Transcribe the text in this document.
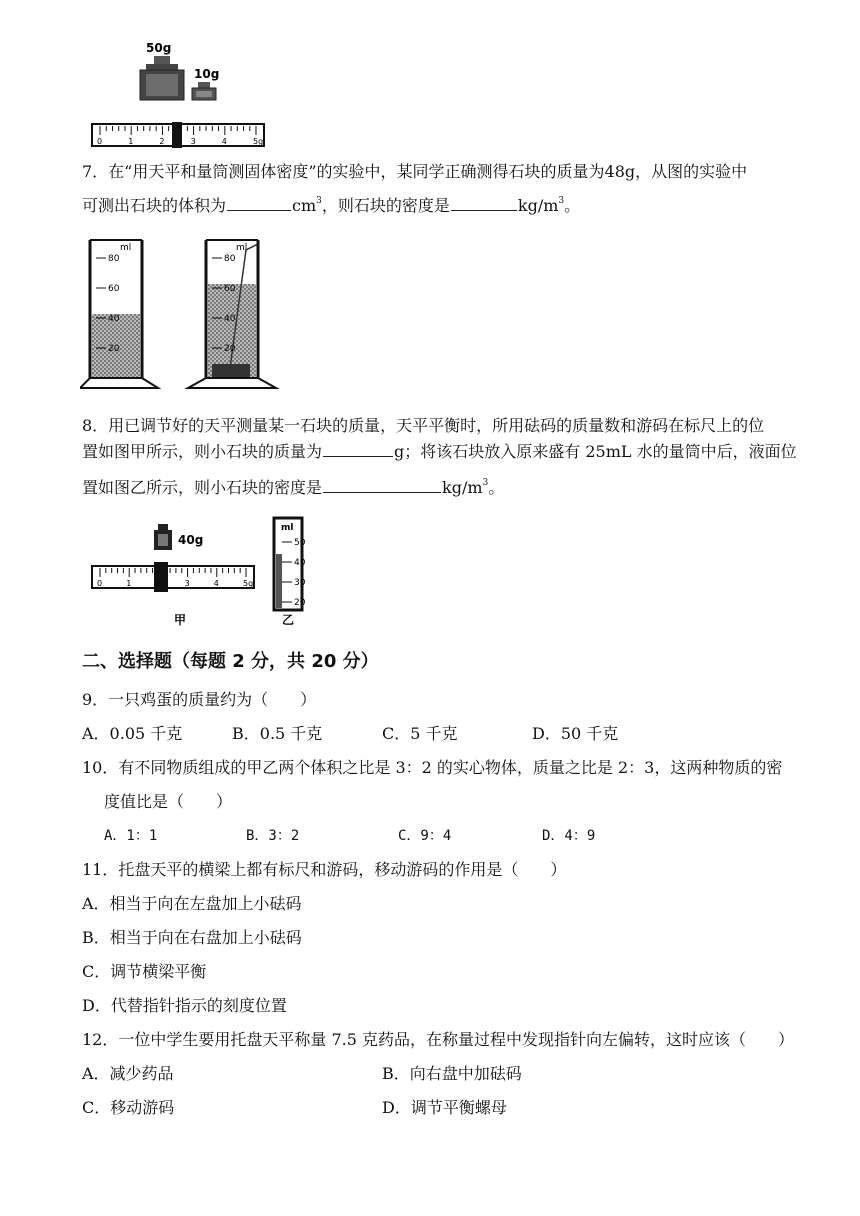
50g
10g
0	1	2	3	4	5g
7．在“用天平和量筒测固体密度”的实验中，某同学正确测得石块的质量为48g，从图的实验中
可测出石块的体积为	$cm^3$，则石块的密度是	$kg/m^3$。
ml
80
60
40
20
ml
80
60
40
20
8．用已调节好的天平测量某一石块的质量，天平平衡时，所用砝码的质量数和游码在标尺上的位
置如图甲所示，则小石块的质量为	g；将该石块放入原来盛有 25mL 水的量筒中后，液面位
置如图乙所示，则小石块的密度是	$kg/m^3$。
40g
0	1	2	3	4	5g
甲
ml
50
40
30
20
乙
二、选择题（每题 2 分，共 20 分）
9．一只鸡蛋的质量约为（　　）
A．0.05 千克	B．0.5 千克	C．5 千克	D．50 千克
10．有不同物质组成的甲乙两个体积之比是 3：2 的实心物体，质量之比是 2：3，这两种物质的密
度值比是（　　）
A．1：1	B．3：2	C．9：4	D．4：9
11．托盘天平的横梁上都有标尺和游码，移动游码的作用是（　　）
A．相当于向在左盘加上小砝码
B．相当于向在右盘加上小砝码
C．调节横梁平衡
D．代替指针指示的刻度位置
12．一位中学生要用托盘天平称量 7.5 克药品，在称量过程中发现指针向左偏转，这时应该（　　）
A．减少药品	B．向右盘中加砝码
C．移动游码	D．调节平衡螺母
